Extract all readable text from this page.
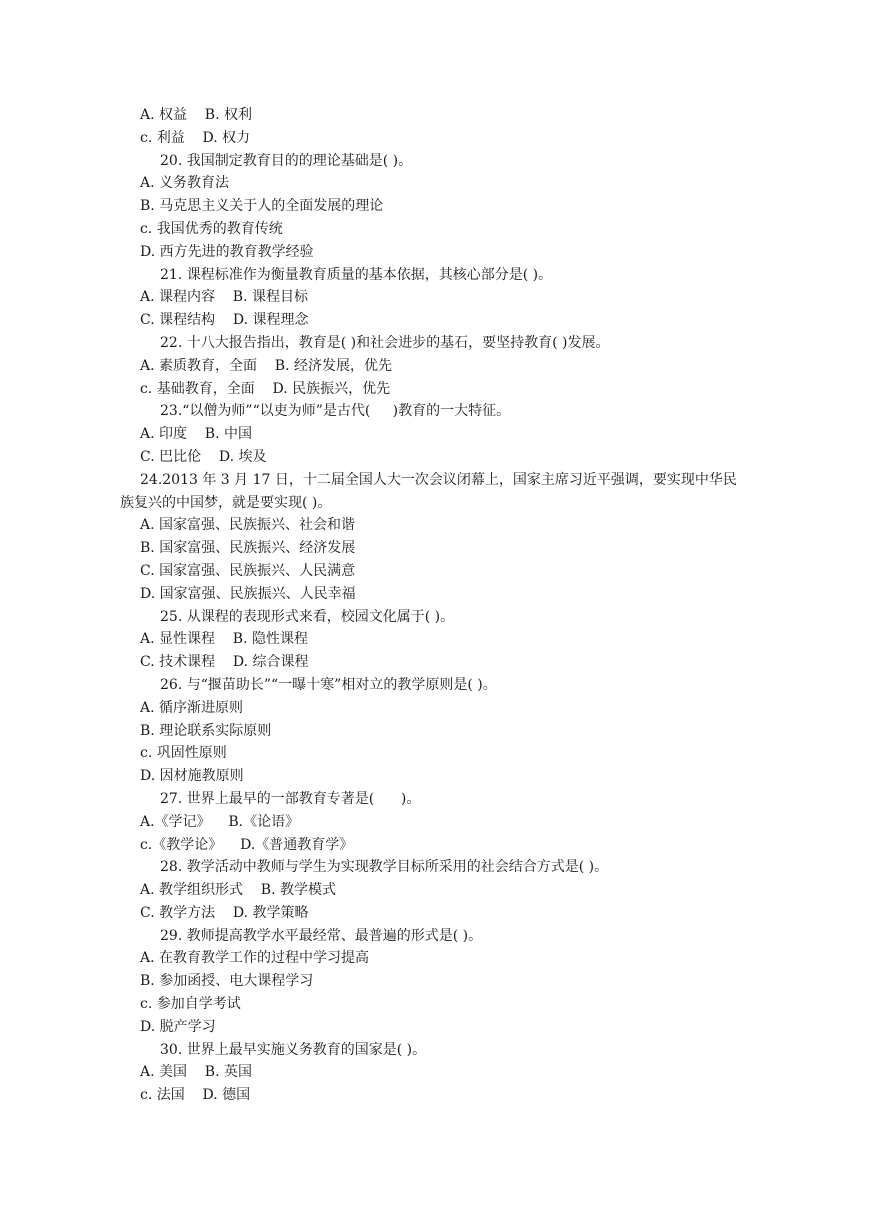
A. 权益    B. 权利
c. 利益    D. 权力
20. 我国制定教育目的的理论基础是( )。
A. 义务教育法
B. 马克思主义关于人的全面发展的理论
c. 我国优秀的教育传统
D. 西方先进的教育教学经验
21. 课程标准作为衡量教育质量的基本依据，其核心部分是( )。
A. 课程内容    B. 课程目标
C. 课程结构    D. 课程理念
22. 十八大报告指出，教育是( )和社会进步的基石，要坚持教育( )发展。
A. 素质教育，全面    B. 经济发展，优先
c. 基础教育，全面    D. 民族振兴，优先
23.“以僧为师”“以吏为师”是古代(     )教育的一大特征。
A. 印度    B. 中国
C. 巴比伦    D. 埃及
24.2013 年 3 月 17 日，十二届全国人大一次会议闭幕上，国家主席习近平强调，要实现中华民族复兴的中国梦，就是要实现( )。
A. 国家富强、民族振兴、社会和谐
B. 国家富强、民族振兴、经济发展
C. 国家富强、民族振兴、人民满意
D. 国家富强、民族振兴、人民幸福
25. 从课程的表现形式来看，校园文化属于( )。
A. 显性课程    B. 隐性课程
C. 技术课程    D. 综合课程
26. 与“揠苗助长”“一曝十寒”相对立的教学原则是( )。
A. 循序渐进原则
B. 理论联系实际原则
c. 巩固性原则
D. 因材施教原则
27. 世界上最早的一部教育专著是(      )。
A.《学记》    B.《论语》
c.《教学论》    D.《普通教育学》
28. 教学活动中教师与学生为实现教学目标所采用的社会结合方式是( )。
A. 教学组织形式    B. 教学模式
C. 教学方法    D. 教学策略
29. 教师提高教学水平最经常、最普遍的形式是( )。
A. 在教育教学工作的过程中学习提高
B. 参加函授、电大课程学习
c. 参加自学考试
D. 脱产学习
30. 世界上最早实施义务教育的国家是( )。
A. 美国    B. 英国
c. 法国    D. 德国
